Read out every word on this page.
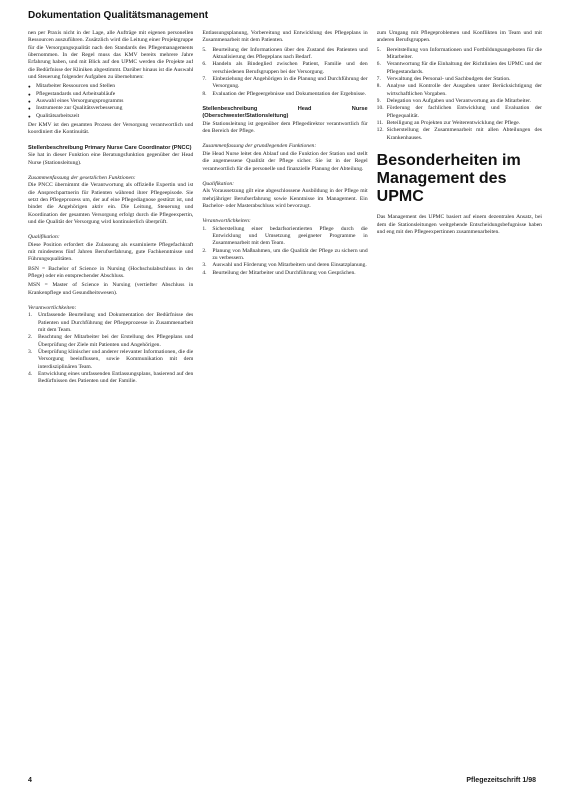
Dokumentation Qualitätsmanagement

nen per Praxis nicht in der Lage, alle Aufträge mit eigenen personellen Ressourcen auszuführen. Zusätzlich wird die Leitung einer Projektgruppe für die Versorgungsqualität nach den Standards des Pflegemanagements übernommen. In der Regel muss das KMV bereits mehrere Jahre Erfahrung haben, und mit Blick auf den UPMC werden die Projekte auf die Bedürfnisse der Kliniken abgestimmt. Darüber hinaus ist die Auswahl und Steuerung folgender Aufgaben zu übernehmen:

● Mitarbeiter Ressourcen und Stellen
● Pflegestandards und Arbeitsabläufe
● Auswahl eines Versorgungsprogramms
● Instrumente zur Qualitätsverbesserung
● Qualitätsarbeitszeit

Der KMV ist den gesamten Prozess der Versorgung verantwortlich und koordiniert die Kontinuität.

Stellenbeschreibung Primary Nurse Care Coordinator (PNCC)

Sie hat in dieser Funktion eine Beratungsfunktion gegenüber der Head Nurse (Stationsleitung).

Zusammenfassung der gesetzlichen Funktionen:

Die PNCC übernimmt die Verantwortung als offizielle Expertin und ist die Ansprechpartnerin für Patienten während ihrer Pflegeepisode. Sie setzt den Pflegeprozess um, der auf eine Pflegediagnose gestützt ist, und bindet die Angehörigen aktiv ein. Die Leitung, Steuerung und Koordination der gesamten Versorgung erfolgt durch die Pflegeexpertin, und die Qualität der Versorgung wird kontinuierlich überprüft.

Qualifikation:

Diese Position erfordert die Zulassung als examinierte Pflegefachkraft mit mindestens fünf Jahren Berufserfahrung, gute Fachkenntnisse und Führungsqualitäten.

BSN = Bachelor of Science in Nursing (Hochschulabschluss in der Pflege) oder ein entsprechender Abschluss.

MSN = Master of Science in Nursing (vertiefter Abschluss in Krankenpflege und Gesundheitswesen).

Verantwortlichkeiten:

1. Umfassende Beurteilung und Dokumentation der Bedürfnisse des Patienten und Durchführung der Pflegeprozesse in Zusammenarbeit mit dem Team.
2. Beachtung der Mitarbeiter bei der Erstellung des Pflegeplans und Überprüfung der Ziele mit Patienten und Angehörigen.
3. Überprüfung klinischer und anderer relevanter Informationen, die die Versorgung beeinflussen, sowie Kommunikation mit dem interdisziplinären Team.
4. Entwicklung eines umfassenden Entlassungsplans, basierend auf den Bedürfnissen des Patienten und der Familie.

Entlassungsplanung, Vorbereitung und Entwicklung des Pflegeplans in Zusammenarbeit mit dem Patienten.

5. Beurteilung der Informationen über den Zustand des Patienten und Aktualisierung des Pflegeplans nach Bedarf.
6. Handeln als Bindeglied zwischen Patient, Familie und den verschiedenen Berufsgruppen bei der Versorgung.
7. Einbeziehung der Angehörigen in die Planung und Durchführung der Versorgung.
8. Evaluation der Pflegeergebnisse und Dokumentation der Ergebnisse.

Stellenbeschreibung Head Nurse (Oberschwester/Stationsleitung)

Die Stationsleitung ist gegenüber dem Pflegedirektor verantwortlich für den Bereich der Pflege.

Zusammenfassung der grundlegenden Funktionen:

Die Head Nurse leitet den Ablauf und die Funktion der Station und stellt die angemessene Qualität der Pflege sicher. Sie ist in der Regel verantwortlich für die personelle und finanzielle Planung der Abteilung.

Qualifikation:

Als Voraussetzung gilt eine abgeschlossene Ausbildung in der Pflege mit mehrjähriger Berufserfahrung sowie Kenntnisse im Management. Ein Bachelor- oder Masterabschluss wird bevorzugt.

Verantwortlichkeiten:

1. Sicherstellung einer bedarfsorientierten Pflege durch die Entwicklung und Umsetzung geeigneter Programme in Zusammenarbeit mit dem Team.
2. Planung von Maßnahmen, um die Qualität der Pflege zu sichern und zu verbessern.
3. Auswahl und Förderung von Mitarbeitern und deren Einsatzplanung.
4. Beurteilung der Mitarbeiter und Durchführung von Gesprächen.

zum Umgang mit Pflegeproblemen und Konflikten im Team und mit anderen Berufsgruppen.

5. Bereitstellung von Informationen und Fortbildungsangeboten für die Mitarbeiter.
6. Verantwortung für die Einhaltung der Richtlinien des UPMC und der Pflegestandards.
7. Verwaltung des Personal- und Sachbudgets der Station.
8. Analyse und Kontrolle der Ausgaben unter Berücksichtigung der wirtschaftlichen Vorgaben.
9. Delegation von Aufgaben und Verantwortung an die Mitarbeiter.
10. Förderung der fachlichen Entwicklung und Evaluation der Pflegequalität.
11. Beteiligung an Projekten zur Weiterentwicklung der Pflege.
12. Sicherstellung der Zusammenarbeit mit allen Abteilungen des Krankenhauses.
Besonderheiten im Management des UPMC

Das Management des UPMC basiert auf einem dezentralen Ansatz, bei dem die Stationsleitungen weitgehende Entscheidungsbefugnisse haben und eng mit den Pflegeexpertinnen zusammenarbeiten.

4	Pflegezeitschrift 1/98
